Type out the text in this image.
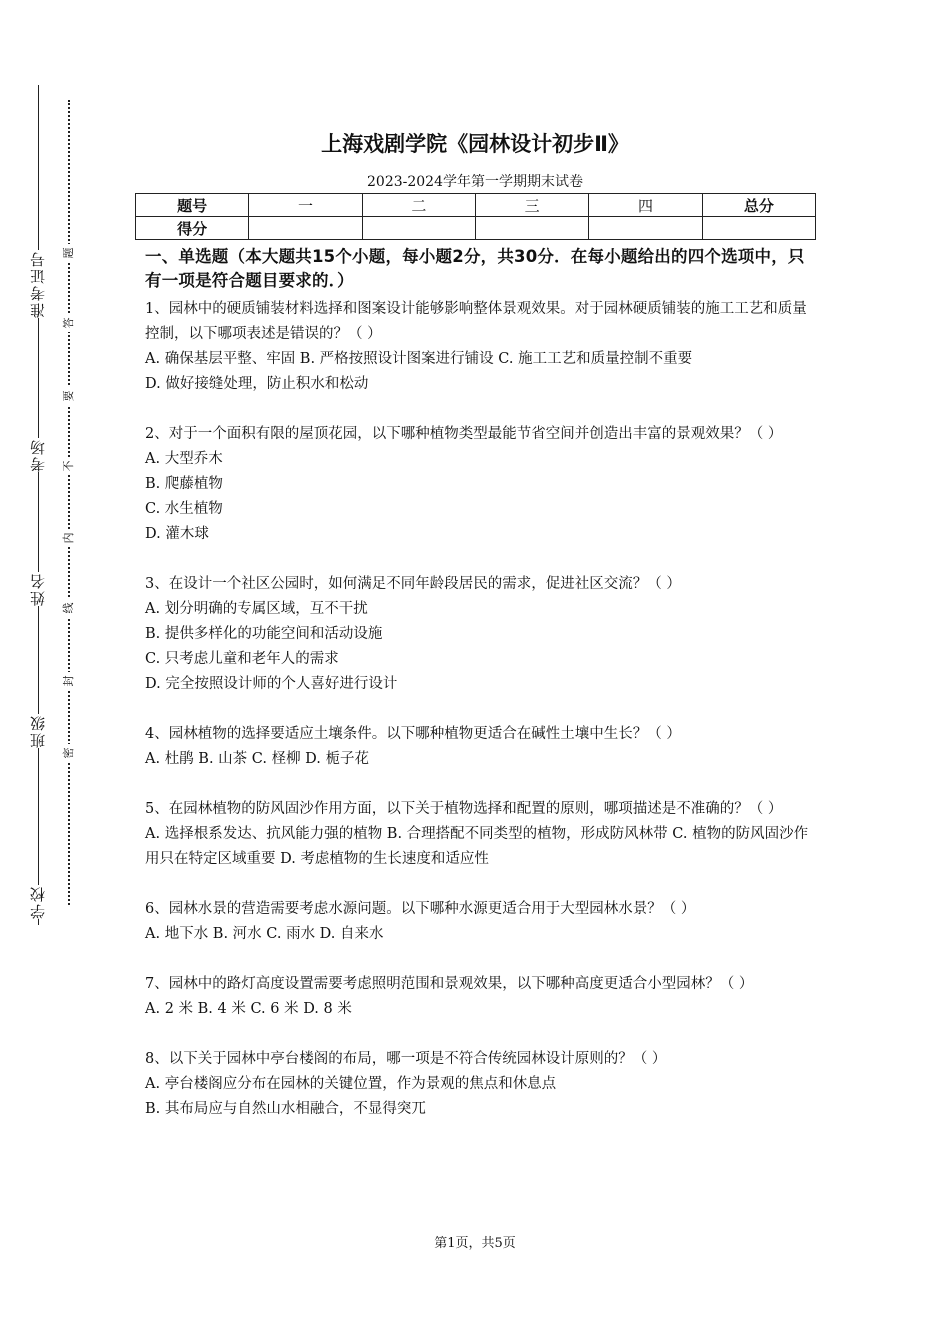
准考证号
考场
姓名
班级
学校
题
答
要
不
内
线
封
密
上海戏剧学院《园林设计初步Ⅱ》
2023-2024学年第一学期期末试卷
题号	一	二	三	四	总分
得分					

一、单选题（本大题共15个小题，每小题2分，共30分．在每小题给出的四个选项中，只有一项是符合题目要求的．）

1、园林中的硬质铺装材料选择和图案设计能够影响整体景观效果。对于园林硬质铺装的施工工艺和质量控制，以下哪项表述是错误的？（ ）

A. 确保基层平整、牢固 B. 严格按照设计图案进行铺设 C. 施工工艺和质量控制不重要

D. 做好接缝处理，防止积水和松动

2、对于一个面积有限的屋顶花园，以下哪种植物类型最能节省空间并创造出丰富的景观效果？（ ）

A. 大型乔木

B. 爬藤植物

C. 水生植物

D. 灌木球

3、在设计一个社区公园时，如何满足不同年龄段居民的需求，促进社区交流？（ ）

A. 划分明确的专属区域，互不干扰

B. 提供多样化的功能空间和活动设施

C. 只考虑儿童和老年人的需求

D. 完全按照设计师的个人喜好进行设计

4、园林植物的选择要适应土壤条件。以下哪种植物更适合在碱性土壤中生长？（ ）

A. 杜鹃 B. 山茶 C. 柽柳 D. 栀子花

5、在园林植物的防风固沙作用方面，以下关于植物选择和配置的原则，哪项描述是不准确的？（ ）

A. 选择根系发达、抗风能力强的植物 B. 合理搭配不同类型的植物，形成防风林带 C. 植物的防风固沙作用只在特定区域重要 D. 考虑植物的生长速度和适应性

6、园林水景的营造需要考虑水源问题。以下哪种水源更适合用于大型园林水景？（ ）

A. 地下水 B. 河水 C. 雨水 D. 自来水

7、园林中的路灯高度设置需要考虑照明范围和景观效果，以下哪种高度更适合小型园林？（ ）

A. 2 米 B. 4 米 C. 6 米 D. 8 米

8、以下关于园林中亭台楼阁的布局，哪一项是不符合传统园林设计原则的？（ ）

A. 亭台楼阁应分布在园林的关键位置，作为景观的焦点和休息点

B. 其布局应与自然山水相融合，不显得突兀

第1页，共5页
